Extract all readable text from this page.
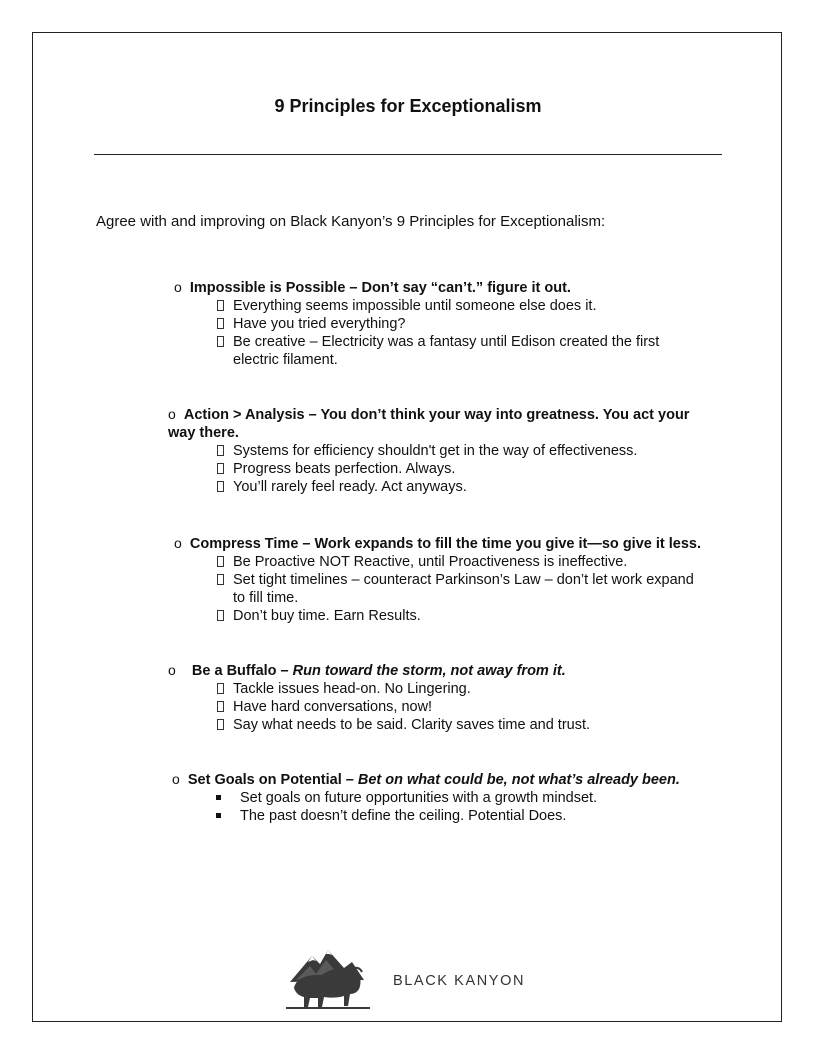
9 Principles for Exceptionalism
Agree with and improving on Black Kanyon’s 9 Principles for Exceptionalism:
o Impossible is Possible – Don’t say “can’t.” figure it out.
Everything seems impossible until someone else does it.
Have you tried everything?
Be creative – Electricity was a fantasy until Edison created the first electric filament.
o Action > Analysis – You don’t think your way into greatness. You act your way there.
Systems for efficiency shouldn't get in the way of effectiveness.
Progress beats perfection. Always.
You’ll rarely feel ready. Act anyways.
o Compress Time – Work expands to fill the time you give it—so give it less.
Be Proactive NOT Reactive, until Proactiveness is ineffective.
Set tight timelines – counteract Parkinson’s Law – don’t let work expand to fill time.
Don’t buy time. Earn Results.
o Be a Buffalo – Run toward the storm, not away from it.
Tackle issues head-on. No Lingering.
Have hard conversations, now!
Say what needs to be said. Clarity saves time and trust.
o Set Goals on Potential – Bet on what could be, not what’s already been.
Set goals on future opportunities with a growth mindset.
The past doesn’t define the ceiling. Potential Does.
BLACK KANYON
